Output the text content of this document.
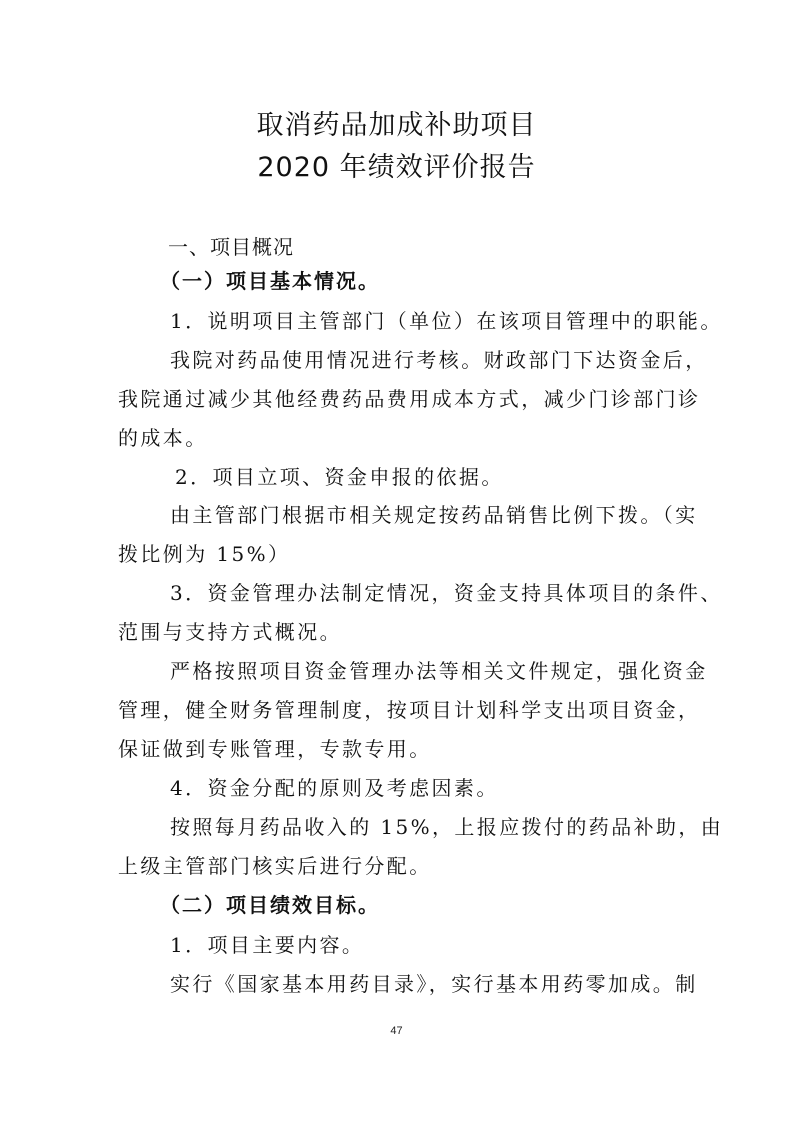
取消药品加成补助项目
2020 年绩效评价报告
一、项目概况
（一）项目基本情况。
1．说明项目主管部门（单位）在该项目管理中的职能。
我院对药品使用情况进行考核。财政部门下达资金后，
我院通过减少其他经费药品费用成本方式，减少门诊部门诊
的成本。
2．项目立项、资金申报的依据。
由主管部门根据市相关规定按药品销售比例下拨。（实
拨比例为 15%）
3．资金管理办法制定情况，资金支持具体项目的条件、
范围与支持方式概况。
严格按照项目资金管理办法等相关文件规定，强化资金
管理，健全财务管理制度，按项目计划科学支出项目资金，
保证做到专账管理，专款专用。
4．资金分配的原则及考虑因素。
按照每月药品收入的 15%，上报应拨付的药品补助，由
上级主管部门核实后进行分配。
（二）项目绩效目标。
1．项目主要内容。
实行《国家基本用药目录》，实行基本用药零加成。制
47
